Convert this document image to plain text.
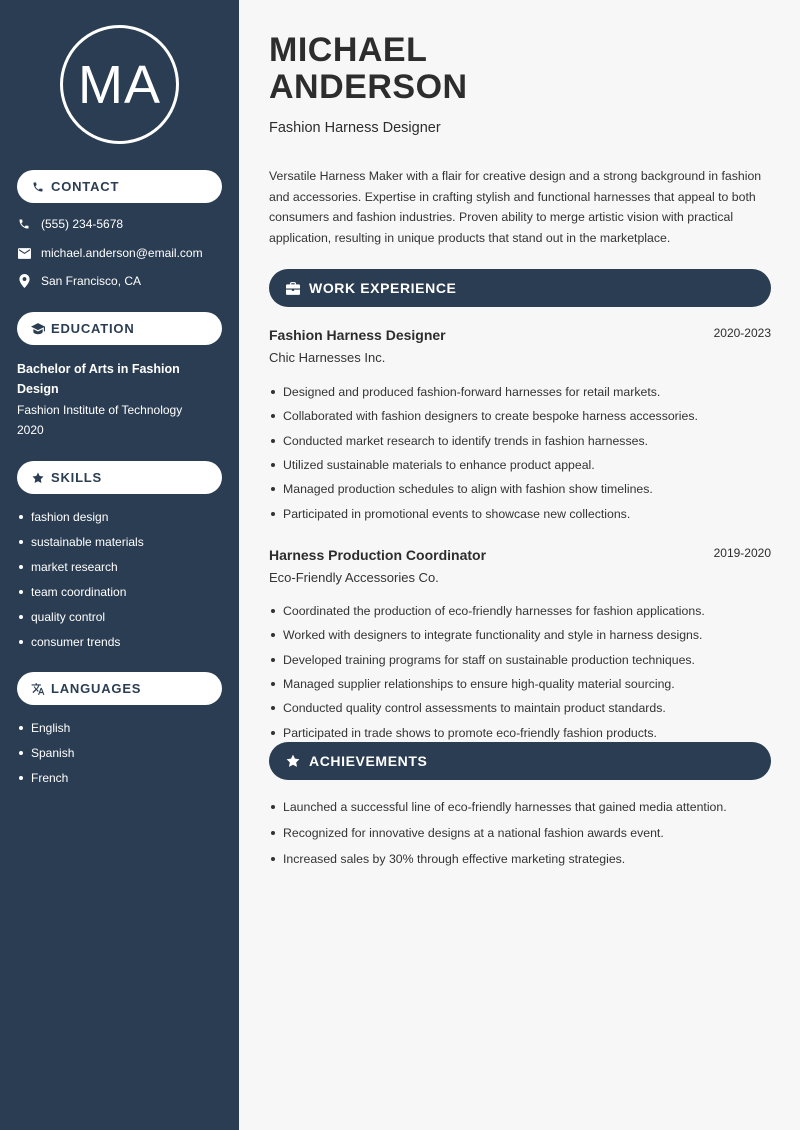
MA
CONTACT
(555) 234-5678
michael.anderson@email.com
San Francisco, CA
EDUCATION
Bachelor of Arts in Fashion Design
Fashion Institute of Technology
2020
SKILLS
fashion design
sustainable materials
market research
team coordination
quality control
consumer trends
LANGUAGES
English
Spanish
French
MICHAEL
ANDERSON
Fashion Harness Designer

Versatile Harness Maker with a flair for creative design and a strong background in fashion and accessories. Expertise in crafting stylish and functional harnesses that appeal to both consumers and fashion industries. Proven ability to merge artistic vision with practical application, resulting in unique products that stand out in the marketplace.

WORK EXPERIENCE
Fashion Harness Designer	2020-2023
Chic Harnesses Inc.
Designed and produced fashion-forward harnesses for retail markets.
Collaborated with fashion designers to create bespoke harness accessories.
Conducted market research to identify trends in fashion harnesses.
Utilized sustainable materials to enhance product appeal.
Managed production schedules to align with fashion show timelines.
Participated in promotional events to showcase new collections.
Harness Production Coordinator	2019-2020
Eco-Friendly Accessories Co.
Coordinated the production of eco-friendly harnesses for fashion applications.
Worked with designers to integrate functionality and style in harness designs.
Developed training programs for staff on sustainable production techniques.
Managed supplier relationships to ensure high-quality material sourcing.
Conducted quality control assessments to maintain product standards.
Participated in trade shows to promote eco-friendly fashion products.
ACHIEVEMENTS
Launched a successful line of eco-friendly harnesses that gained media attention.
Recognized for innovative designs at a national fashion awards event.
Increased sales by 30% through effective marketing strategies.
